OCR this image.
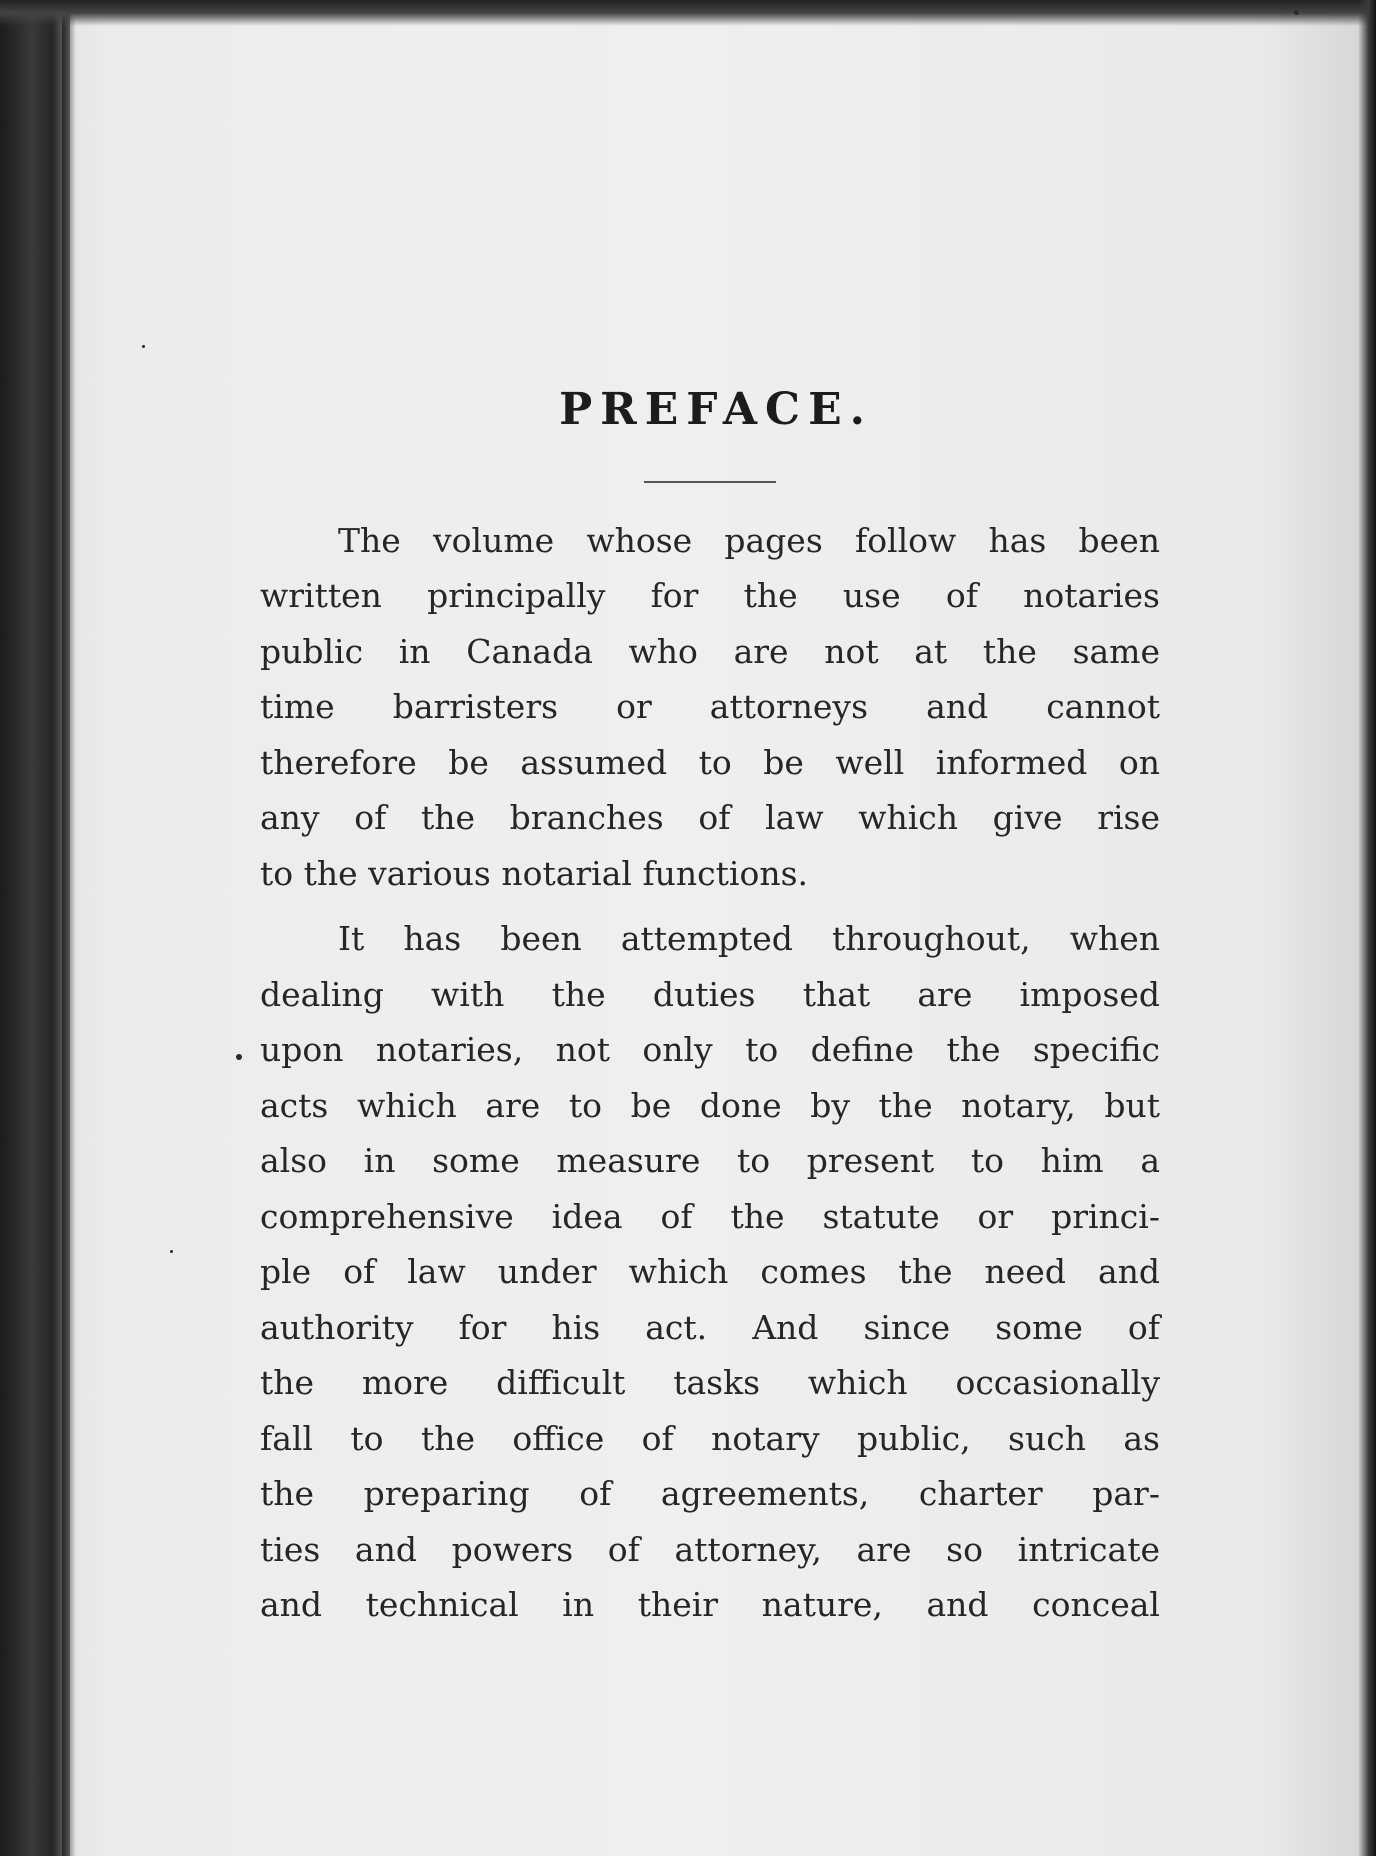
PREFACE.
The volume whose pages follow has been
written principally for the use of notaries
public in Canada who are not at the same
time barristers or attorneys and cannot
therefore be assumed to be well informed on
any of the branches of law which give rise
to the various notarial functions.
It has been attempted throughout, when
dealing with the duties that are imposed
upon notaries, not only to define the specific
acts which are to be done by the notary, but
also in some measure to present to him a
comprehensive idea of the statute or princi-
ple of law under which comes the need and
authority for his act. And since some of
the more difficult tasks which occasionally
fall to the office of notary public, such as
the preparing of agreements, charter par-
ties and powers of attorney, are so intricate
and technical in their nature, and conceal
